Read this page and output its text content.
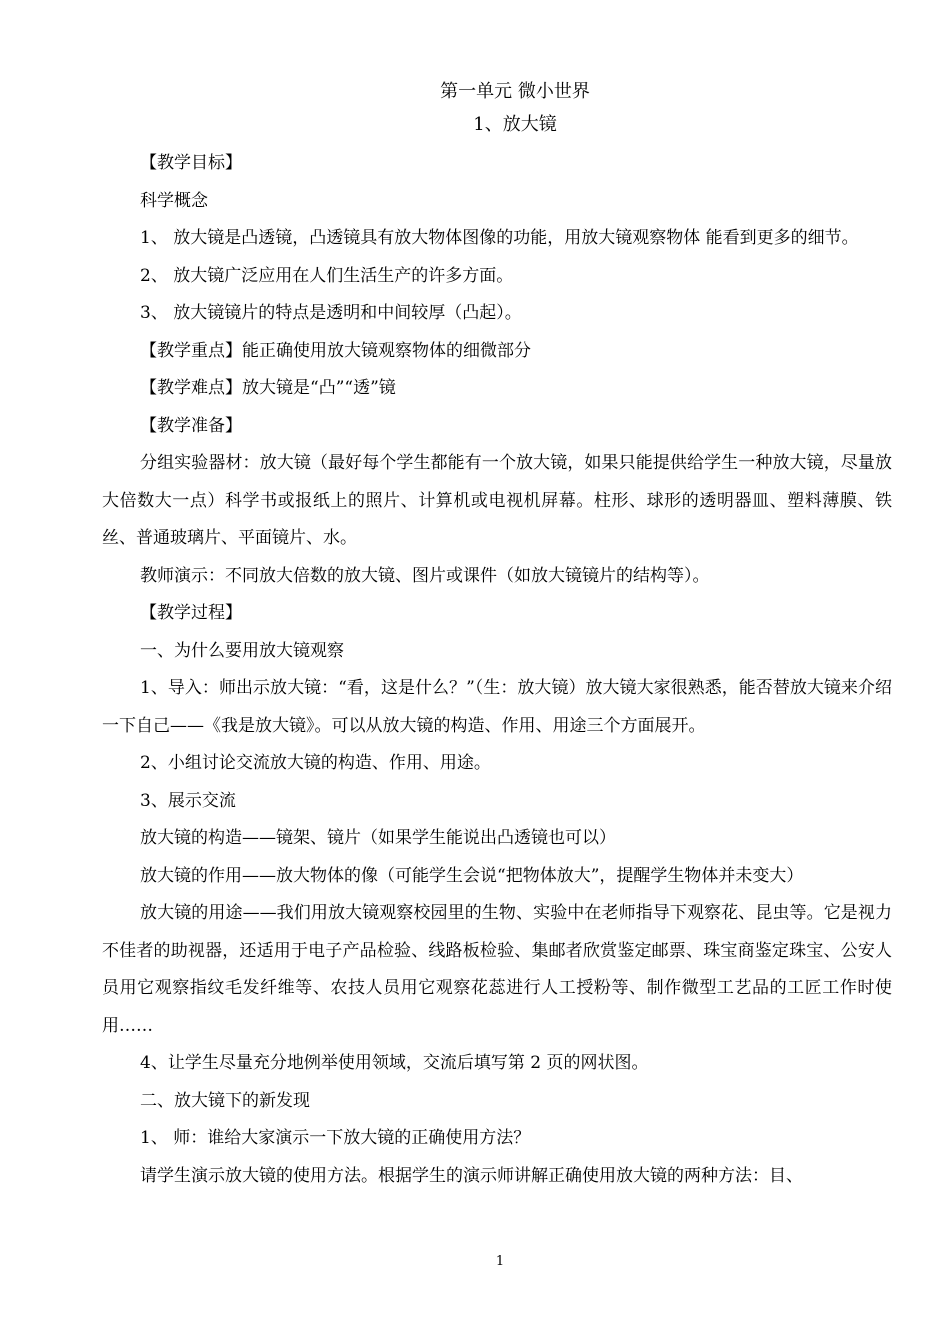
第一单元 微小世界
1、放大镜

【教学目标】

科学概念

1、 放大镜是凸透镜，凸透镜具有放大物体图像的功能，用放大镜观察物体 能看到更多的细节。

2、 放大镜广泛应用在人们生活生产的许多方面。

3、 放大镜镜片的特点是透明和中间较厚（凸起）。

【教学重点】能正确使用放大镜观察物体的细微部分

【教学难点】放大镜是“凸”“透”镜

【教学准备】

分组实验器材：放大镜（最好每个学生都能有一个放大镜，如果只能提供给学生一种放大镜，尽量放大倍数大一点）科学书或报纸上的照片、计算机或电视机屏幕。柱形、球形的透明器皿、塑料薄膜、铁丝、普通玻璃片、平面镜片、水。

教师演示：不同放大倍数的放大镜、图片或课件（如放大镜镜片的结构等）。

【教学过程】

一、为什么要用放大镜观察

1、导入：师出示放大镜：“看，这是什么？”（生：放大镜）放大镜大家很熟悉，能否替放大镜来介绍一下自己——《我是放大镜》。可以从放大镜的构造、作用、用途三个方面展开。

2、小组讨论交流放大镜的构造、作用、用途。

3、展示交流

放大镜的构造——镜架、镜片（如果学生能说出凸透镜也可以）

放大镜的作用——放大物体的像（可能学生会说“把物体放大”，提醒学生物体并未变大）

放大镜的用途——我们用放大镜观察校园里的生物、实验中在老师指导下观察花、昆虫等。它是视力不佳者的助视器，还适用于电子产品检验、线路板检验、集邮者欣赏鉴定邮票、珠宝商鉴定珠宝、公安人员用它观察指纹毛发纤维等、农技人员用它观察花蕊进行人工授粉等、制作微型工艺品的工匠工作时使用……

4、让学生尽量充分地例举使用领域，交流后填写第 2 页的网状图。

二、放大镜下的新发现

1、 师：谁给大家演示一下放大镜的正确使用方法？

请学生演示放大镜的使用方法。根据学生的演示师讲解正确使用放大镜的两种方法：目、

1
